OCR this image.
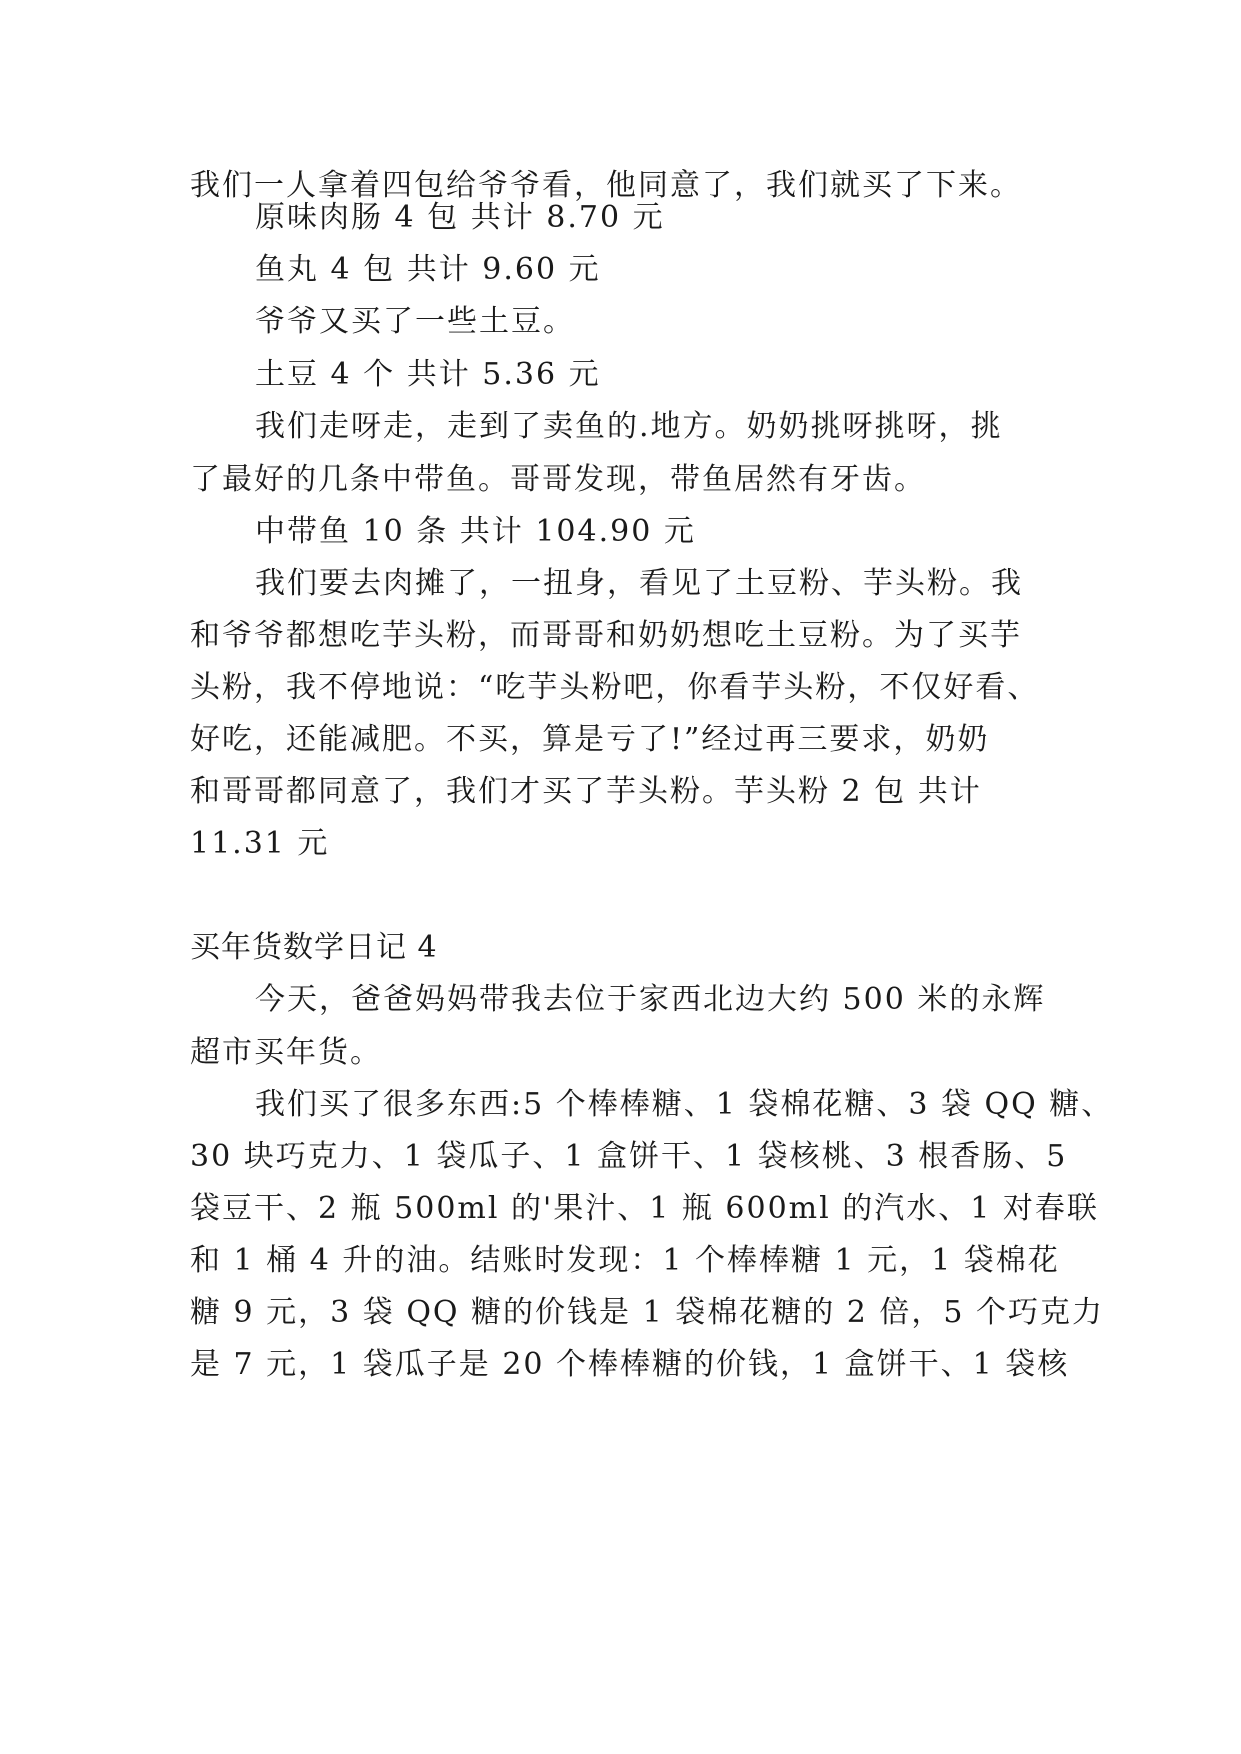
我们一人拿着四包给爷爷看，他同意了，我们就买了下来。
原味肉肠 4 包 共计 8.70 元
鱼丸 4 包 共计 9.60 元
爷爷又买了一些土豆。
土豆 4 个 共计 5.36 元
我们走呀走，走到了卖鱼的.地方。奶奶挑呀挑呀，挑
了最好的几条中带鱼。哥哥发现，带鱼居然有牙齿。
中带鱼 10 条 共计 104.90 元
我们要去肉摊了，一扭身，看见了土豆粉、芋头粉。我
和爷爷都想吃芋头粉，而哥哥和奶奶想吃土豆粉。为了买芋
头粉，我不停地说：“吃芋头粉吧，你看芋头粉，不仅好看、
好吃，还能减肥。不买，算是亏了!”经过再三要求，奶奶
和哥哥都同意了，我们才买了芋头粉。芋头粉 2 包 共计
11.31 元
买年货数学日记 4
今天，爸爸妈妈带我去位于家西北边大约 500 米的永辉
超市买年货。
我们买了很多东西:5 个棒棒糖、1 袋棉花糖、3 袋 QQ 糖、
30 块巧克力、1 袋瓜子、1 盒饼干、1 袋核桃、3 根香肠、5
袋豆干、2 瓶 500ml 的'果汁、1 瓶 600ml 的汽水、1 对春联
和 1 桶 4 升的油。结账时发现：1 个棒棒糖 1 元，1 袋棉花
糖 9 元，3 袋 QQ 糖的价钱是 1 袋棉花糖的 2 倍，5 个巧克力
是 7 元，1 袋瓜子是 20 个棒棒糖的价钱，1 盒饼干、1 袋核
